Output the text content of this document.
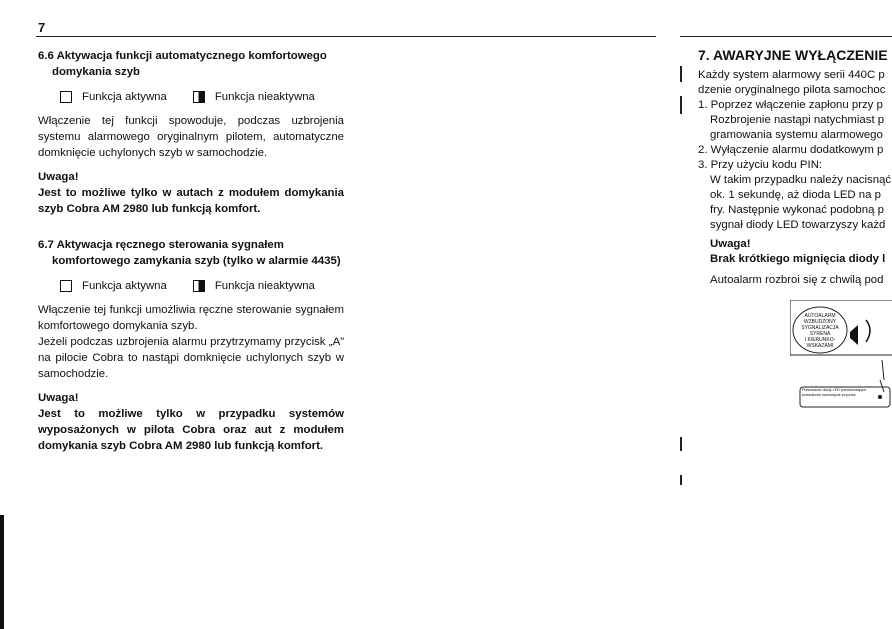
7
6.6 Aktywacja funkcji automatycznego komfortowego domykania szyb
Funkcja aktywna	Funkcja nieaktywna

Włączenie tej funkcji spowoduje, podczas uzbrojenia systemu alarmowego oryginalnym pilotem, automatyczne domknięcie uchylonych szyb w samochodzie.

Uwaga!

Jest to możliwe tylko w autach z modułem domykania szyb Cobra AM 2980 lub funkcją komfort.

6.7 Aktywacja ręcznego sterowania sygnałem komfortowego zamykania szyb (tylko w alarmie 4435)
Funkcja aktywna	Funkcja nieaktywna

Włączenie tej funkcji umożliwia ręczne sterowanie sygnałem komfortowego domykania szyb.

Jeżeli podczas uzbrojenia alarmu przytrzymamy przycisk „A” na pilocie Cobra to nastąpi domknięcie uchylonych szyb w samochodzie.

Uwaga!

Jest to możliwe tylko w przypadku systemów wyposażonych w pilota Cobra oraz aut z modułem domykania szyb Cobra AM 2980 lub funkcją komfort.

7. AWARYJNE WYŁĄCZENIE
Każdy system alarmowy serii 440C p
dzenie oryginalnego pilota samochoc
1. Poprzez włączenie zapłonu przy p
Rozbrojenie nastąpi natychmiast p
gramowania systemu alarmowego
2. Wyłączenie alarmu dodatkowym p
3. Przy użyciu kodu PIN:
W takim przypadku należy nacisnąć
ok. 1 sekundę, aż dioda LED na p
fry. Następnie wykonać podobną p
sygnał diody LED towarzyszy każd
Uwaga!
Brak krótkiego mignięcia diody l
Autoalarm rozbroi się z chwilą pod
AUTOALARM
WZBUDZONY
SYGNALIZACJA
SYRENA
I KIERUNKO-
WSKAZAMI
Pulsowanie diody LED potwierdzające prawidłowe naciśnięcie przycisk.
